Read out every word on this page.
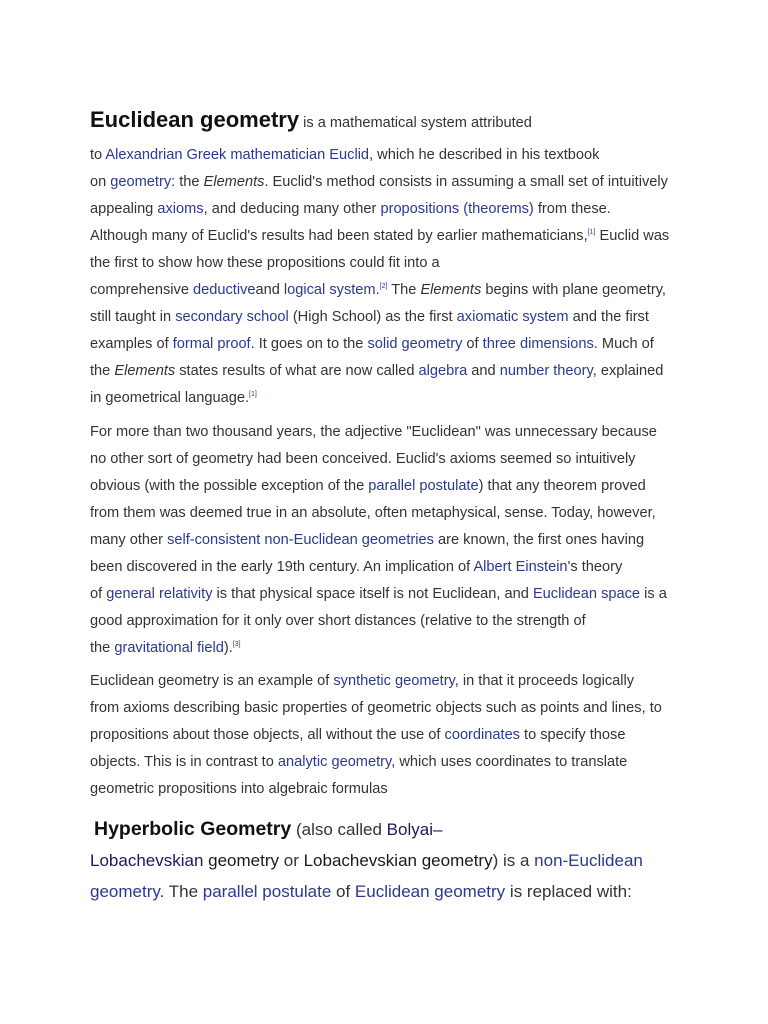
Euclidean geometry is a mathematical system attributed
to Alexandrian Greek mathematician Euclid, which he described in his textbook
on geometry: the Elements. Euclid's method consists in assuming a small set of intuitively
appealing axioms, and deducing many other propositions (theorems) from these.
Although many of Euclid's results had been stated by earlier mathematicians,[1] Euclid was
the first to show how these propositions could fit into a
comprehensive deductiveand logical system.[2] The Elements begins with plane geometry,
still taught in secondary school (High School) as the first axiomatic system and the first
examples of formal proof. It goes on to the solid geometry of three dimensions. Much of
the Elements states results of what are now called algebra and number theory, explained
in geometrical language.[1]
For more than two thousand years, the adjective "Euclidean" was unnecessary because
no other sort of geometry had been conceived. Euclid's axioms seemed so intuitively
obvious (with the possible exception of the parallel postulate) that any theorem proved
from them was deemed true in an absolute, often metaphysical, sense. Today, however,
many other self-consistent non-Euclidean geometries are known, the first ones having
been discovered in the early 19th century. An implication of Albert Einstein's theory
of general relativity is that physical space itself is not Euclidean, and Euclidean space is a
good approximation for it only over short distances (relative to the strength of
the gravitational field).[3]
Euclidean geometry is an example of synthetic geometry, in that it proceeds logically
from axioms describing basic properties of geometric objects such as points and lines, to
propositions about those objects, all without the use of coordinates to specify those
objects. This is in contrast to analytic geometry, which uses coordinates to translate
geometric propositions into algebraic formulas
Hyperbolic Geometry (also called Bolyai–
Lobachevskian geometry or Lobachevskian geometry) is a non-Euclidean
geometry. The parallel postulate of Euclidean geometry is replaced with:
